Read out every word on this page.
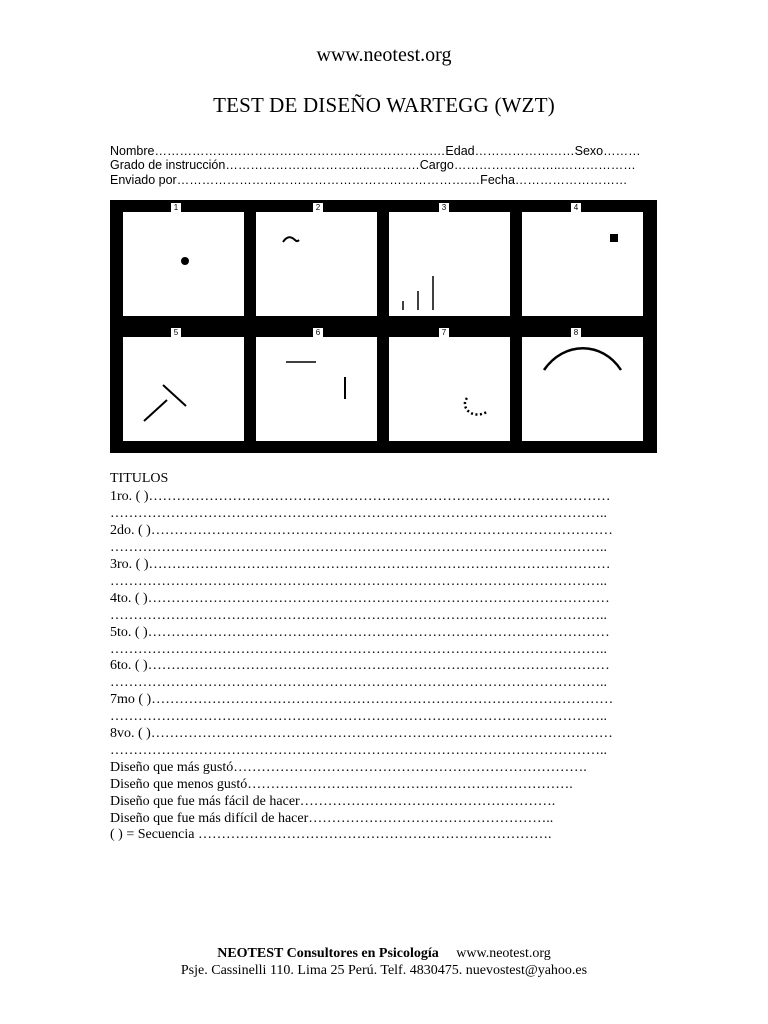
www.neotest.org
TEST DE DISEÑO WARTEGG (WZT)
Nombre………………………………………………………….…Edad……………………Sexo………
Grado de instrucción……………………………..…………Cargo……………………..………………
Enviado por…………………………………………………………….…Fecha………………………
1	2	3	4
5	6	7	8
TITULOS
1ro. ( )………………………………………………………………………………………
……………………………………………………………………………………………..
2do. ( )………………………………………………………………………………………
……………………………………………………………………………………………..
3ro. ( )………………………………………………………………………………………
……………………………………………………………………………………………..
4to. ( )………………………………………………………………………………………
……………………………………………………………………………………………..
5to. ( )………………………………………………………………………………………
……………………………………………………………………………………………..
6to. ( )………………………………………………………………………………………
……………………………………………………………………………………………..
7mo ( )………………………………………………………………………………………
……………………………………………………………………………………………..
8vo. ( )………………………………………………………………………………………
……………………………………………………………………………………………..
Diseño que más gustó………………………………………………………………….
Diseño que menos gustó…………………………………………………………….
Diseño que fue más fácil de hacer……………………………………………….
Diseño que fue más difícil de hacer……………………………………………..
( ) = Secuencia ………………………………………………………………….
NEOTEST Consultores en Psicología www.neotest.org
Psje. Cassinelli 110. Lima 25 Perú. Telf. 4830475. nuevostest@yahoo.es
